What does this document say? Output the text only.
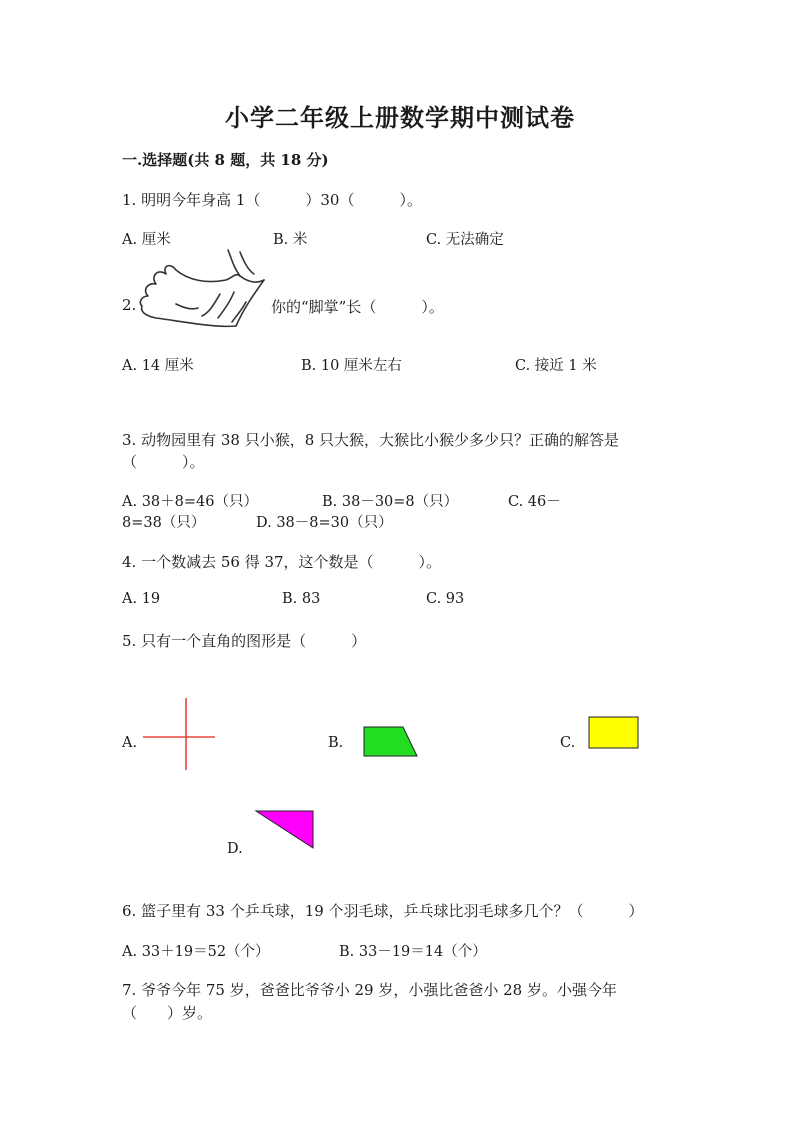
小学二年级上册数学期中测试卷
一.选择题(共 8 题，共 18 分)
1. 明明今年身高 1（　　　）30（　　　）。
A. 厘米	B. 米	C. 无法确定
2.	你的“脚掌”长（　　　）。
A. 14 厘米	B. 10 厘米左右	C. 接近 1 米
3. 动物园里有 38 只小猴，8 只大猴，大猴比小猴少多少只？正确的解答是
（　　　）。
A. 38＋8=46（只）	B. 38－30=8（只）	C. 46－
8=38（只）	D. 38－8=30（只）
4. 一个数减去 56 得 37，这个数是（　　　）。
A. 19	B. 83	C. 93
5. 只有一个直角的图形是（　　　）
A.	B.	C.
D.
6. 篮子里有 33 个乒乓球，19 个羽毛球，乒乓球比羽毛球多几个？（　　　）
A. 33＋19＝52（个）	B. 33－19＝14（个）
7. 爷爷今年 75 岁，爸爸比爷爷小 29 岁，小强比爸爸小 28 岁。小强今年
（　　）岁。
